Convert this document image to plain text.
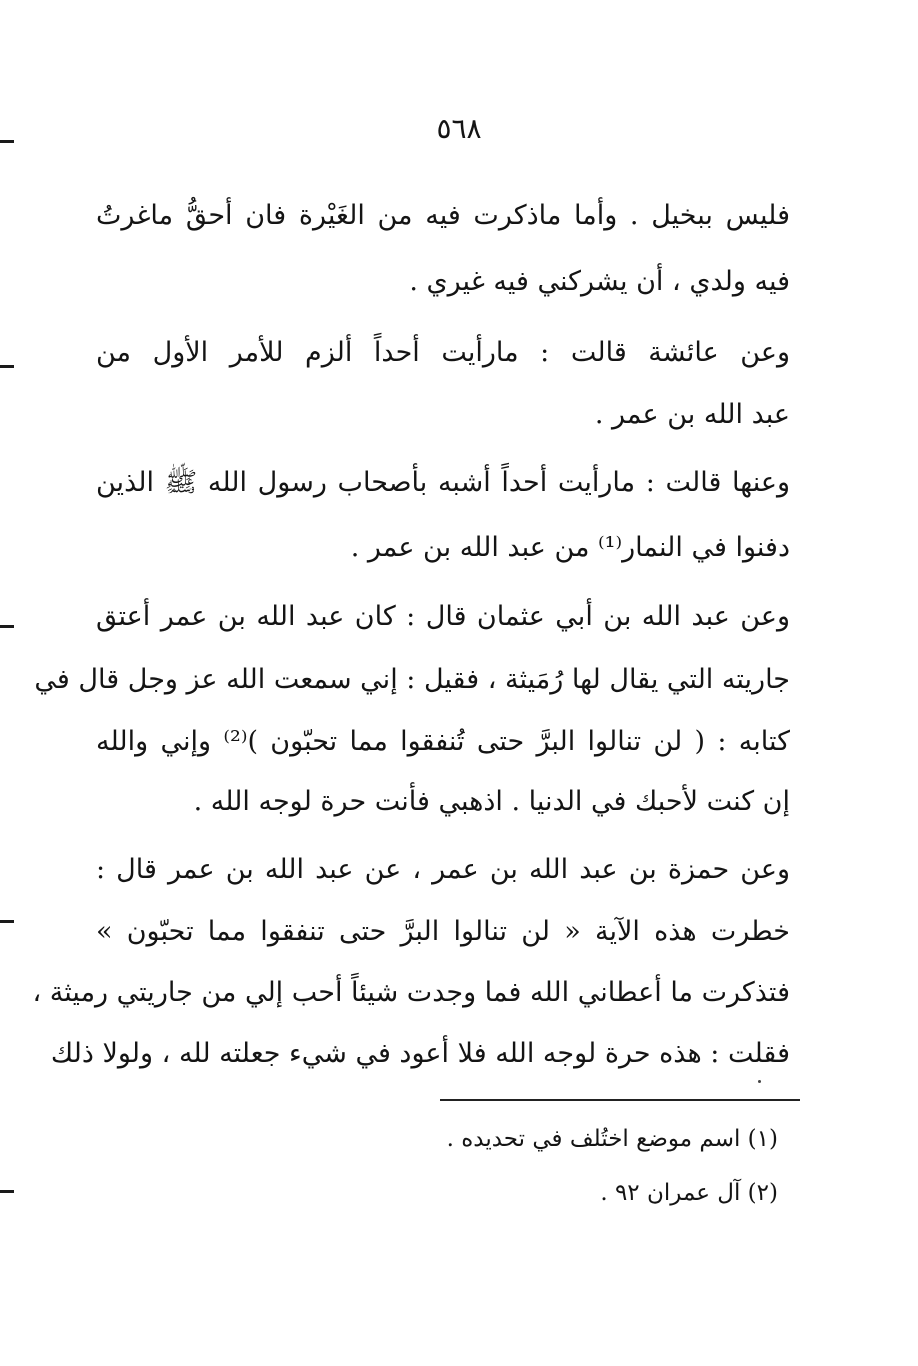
٥٦٨
فليس ببخيل . وأما ماذكرت فيه من الغَيْرة فان أحقُّ ماغرتُ
فيه ولدي ، أن يشركني فيه غيري .
وعن عائشة قالت : مارأيت أحداً ألزم للأمر الأول من
عبد الله بن عمر .
وعنها قالت : مارأيت أحداً أشبه بأصحاب رسول الله ﷺ الذين
دفنوا في النمار⁽¹⁾ من عبد الله بن عمر .
وعن عبد الله بن أبي عثمان قال : كان عبد الله بن عمر أعتق
جاريته التي يقال لها رُمَيثة ، فقيل : إني سمعت الله عز وجل قال في
كتابه : ( لن تنالوا البرَّ حتى تُنفقوا مما تحبّون )⁽²⁾ وإني والله
إن كنت لأحبك في الدنيا . اذهبي فأنت حرة لوجه الله .
وعن حمزة بن عبد الله بن عمر ، عن عبد الله بن عمر قال :
خطرت هذه الآية « لن تنالوا البرَّ حتى تنفقوا مما تحبّون »
فتذكرت ما أعطاني الله فما وجدت شيئاً أحب إلي من جاريتي رميثة ،
فقلت : هذه حرة لوجه الله فلا أعود في شيء جعلته لله ، ولولا ذلك
(١) اسم موضع اختُلف في تحديده .
(٢) آل عمران ٩٢ .
